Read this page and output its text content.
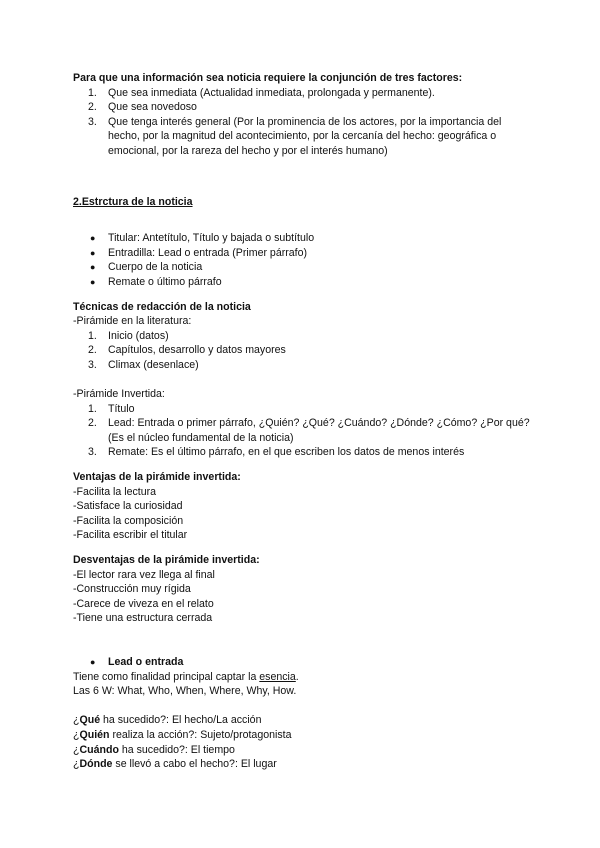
Para que una información sea noticia requiere la conjunción de tres factores:
1. Que sea inmediata (Actualidad inmediata, prolongada y permanente).
2. Que sea novedoso
3. Que tenga interés general (Por la prominencia de los actores, por la importancia del hecho, por la magnitud del acontecimiento, por la cercanía del hecho: geográfica o emocional, por la rareza del hecho y por el interés humano)
2.Estrctura de la noticia
● Titular: Antetítulo, Título y bajada o subtítulo
● Entradilla: Lead o entrada (Primer párrafo)
● Cuerpo de la noticia
● Remate o último párrafo
Técnicas de redacción de la noticia
-Pirámide en la literatura:
1. Inicio (datos)
2. Capítulos, desarrollo y datos mayores
3. Climax (desenlace)
-Pirámide Invertida:
1. Título
2. Lead: Entrada o primer párrafo, ¿Quién? ¿Qué? ¿Cuándo? ¿Dónde? ¿Cómo? ¿Por qué? (Es el núcleo fundamental de la noticia)
3. Remate: Es el último párrafo, en el que escriben los datos de menos interés
Ventajas de la pirámide invertida:
-Facilita la lectura
-Satisface la curiosidad
-Facilita la composición
-Facilita escribir el titular
Desventajas de la pirámide invertida:
-El lector rara vez llega al final
-Construcción muy rígida
-Carece de viveza en el relato
-Tiene una estructura cerrada
● Lead o entrada
Tiene como finalidad principal captar la esencia.
Las 6 W: What, Who, When, Where, Why, How.
¿Qué ha sucedido?: El hecho/La acción
¿Quién realiza la acción?: Sujeto/protagonista
¿Cuándo ha sucedido?: El tiempo
¿Dónde se llevó a cabo el hecho?: El lugar
